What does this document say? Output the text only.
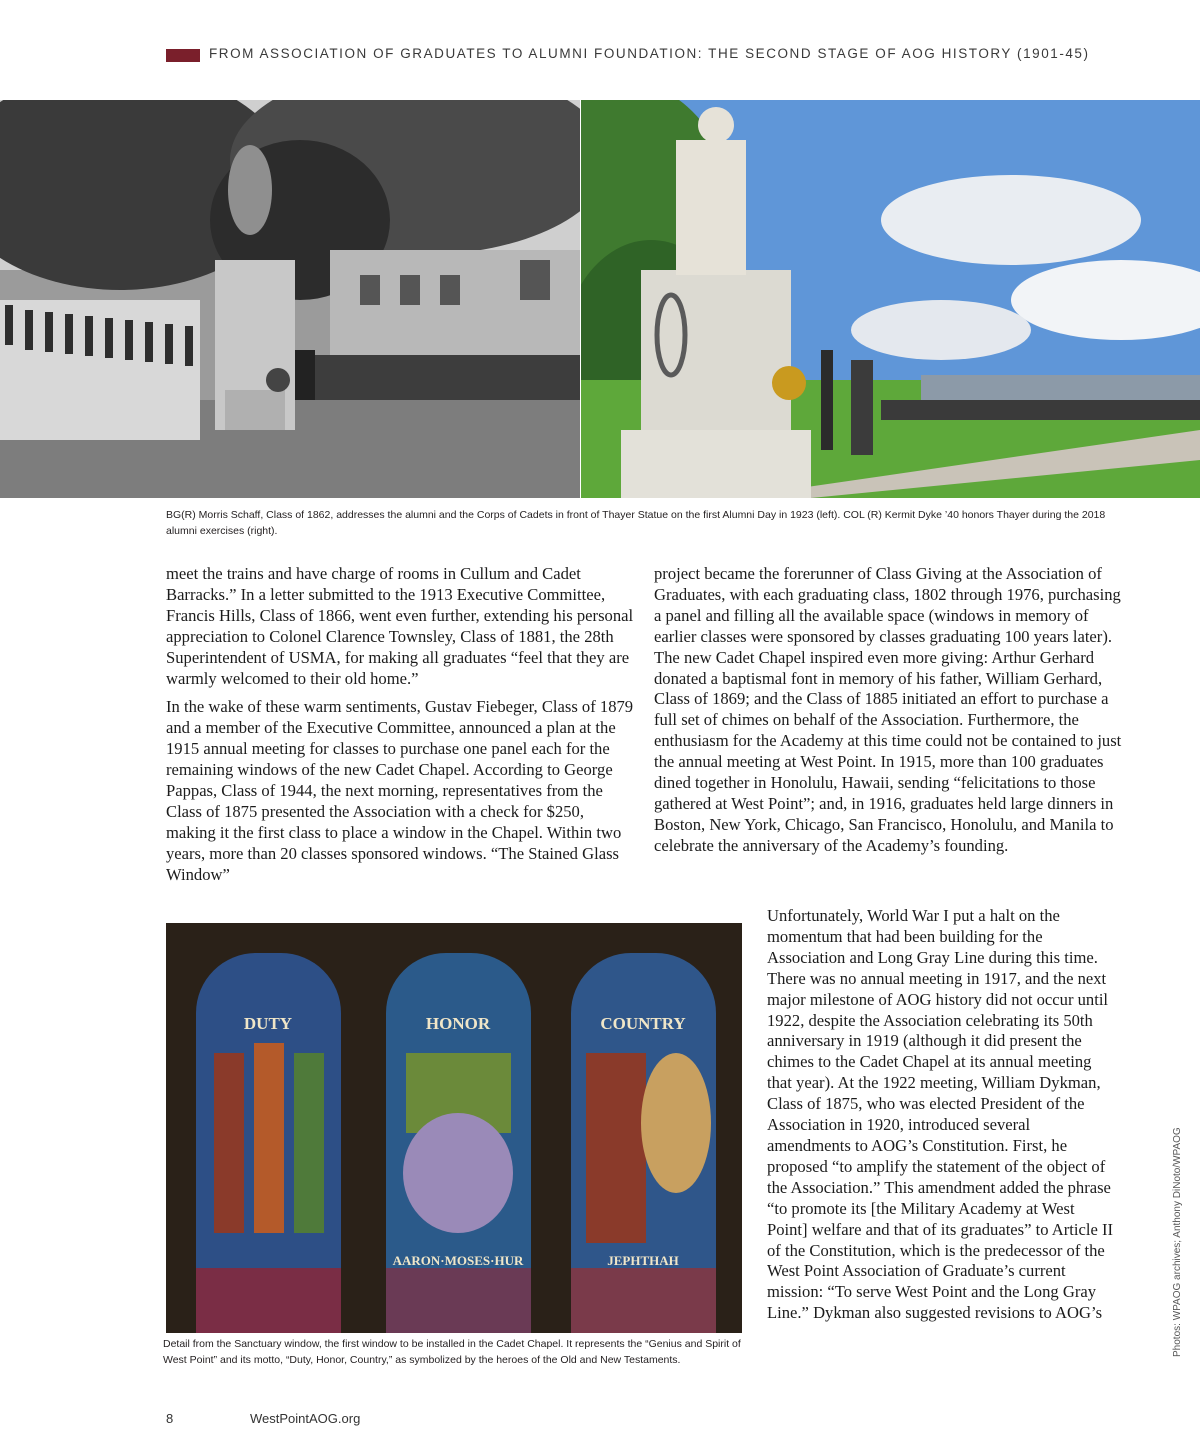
FROM ASSOCIATION OF GRADUATES TO ALUMNI FOUNDATION: THE SECOND STAGE OF AOG HISTORY (1901-45)
BG(R) Morris Schaff, Class of 1862, addresses the alumni and the Corps of Cadets in front of Thayer Statue on the first Alumni Day in 1923 (left). COL (R) Kermit Dyke ’40 honors Thayer during the 2018 alumni exercises (right).

meet the trains and have charge of rooms in Cullum and Cadet Barracks.” In a letter submitted to the 1913 Executive Committee, Francis Hills, Class of 1866, went even further, extending his personal appreciation to Colonel Clarence Townsley, Class of 1881, the 28th Superintendent of USMA, for making all graduates “feel that they are warmly welcomed to their old home.”

In the wake of these warm sentiments, Gustav Fiebeger, Class of 1879 and a member of the Executive Committee, announced a plan at the 1915 annual meeting for classes to purchase one panel each for the remaining windows of the new Cadet Chapel. According to George Pappas, Class of 1944, the next morning, representatives from the Class of 1875 presented the Association with a check for $250, making it the first class to place a window in the Chapel. Within two years, more than 20 classes sponsored windows. “The Stained Glass Window”

project became the forerunner of Class Giving at the Association of Graduates, with each graduating class, 1802 through 1976, purchasing a panel and filling all the available space (windows in memory of earlier classes were sponsored by classes graduating 100 years later). The new Cadet Chapel inspired even more giving: Arthur Gerhard donated a baptismal font in memory of his father, William Gerhard, Class of 1869; and the Class of 1885 initiated an effort to purchase a full set of chimes on behalf of the Association. Furthermore, the enthusiasm for the Academy at this time could not be contained to just the annual meeting at West Point. In 1915, more than 100 graduates dined together in Honolulu, Hawaii, sending “felicitations to those gathered at West Point”; and, in 1916, graduates held large dinners in Boston, New York, Chicago, San Francisco, Honolulu, and Manila to celebrate the anniversary of the Academy’s founding.

DUTY	HONOR
AARON·MOSES·HUR
COUNTRY
JEPHTHAH
Detail from the Sanctuary window, the first window to be installed in the Cadet Chapel. It represents the “Genius and Spirit of West Point” and its motto, “Duty, Honor, Country,” as symbolized by the heroes of the Old and New Testaments.

Unfortunately, World War I put a halt on the momentum that had been building for the Association and Long Gray Line during this time. There was no annual meeting in 1917, and the next major milestone of AOG history did not occur until 1922, despite the Association celebrating its 50th anniversary in 1919 (although it did present the chimes to the Cadet Chapel at its annual meeting that year). At the 1922 meeting, William Dykman, Class of 1875, who was elected President of the Association in 1920, introduced several amendments to AOG’s Constitution. First, he proposed “to amplify the statement of the object of the Association.” This amendment added the phrase “to promote its [the Military Academy at West Point] welfare and that of its graduates” to Article II of the Constitution, which is the predecessor of the West Point Association of Graduate’s current mission: “To serve West Point and the Long Gray Line.” Dykman also suggested revisions to AOG’s	Photos: WPAOG archives; Anthony DiNoto/WPAOG
8	WestPointAOG.org
